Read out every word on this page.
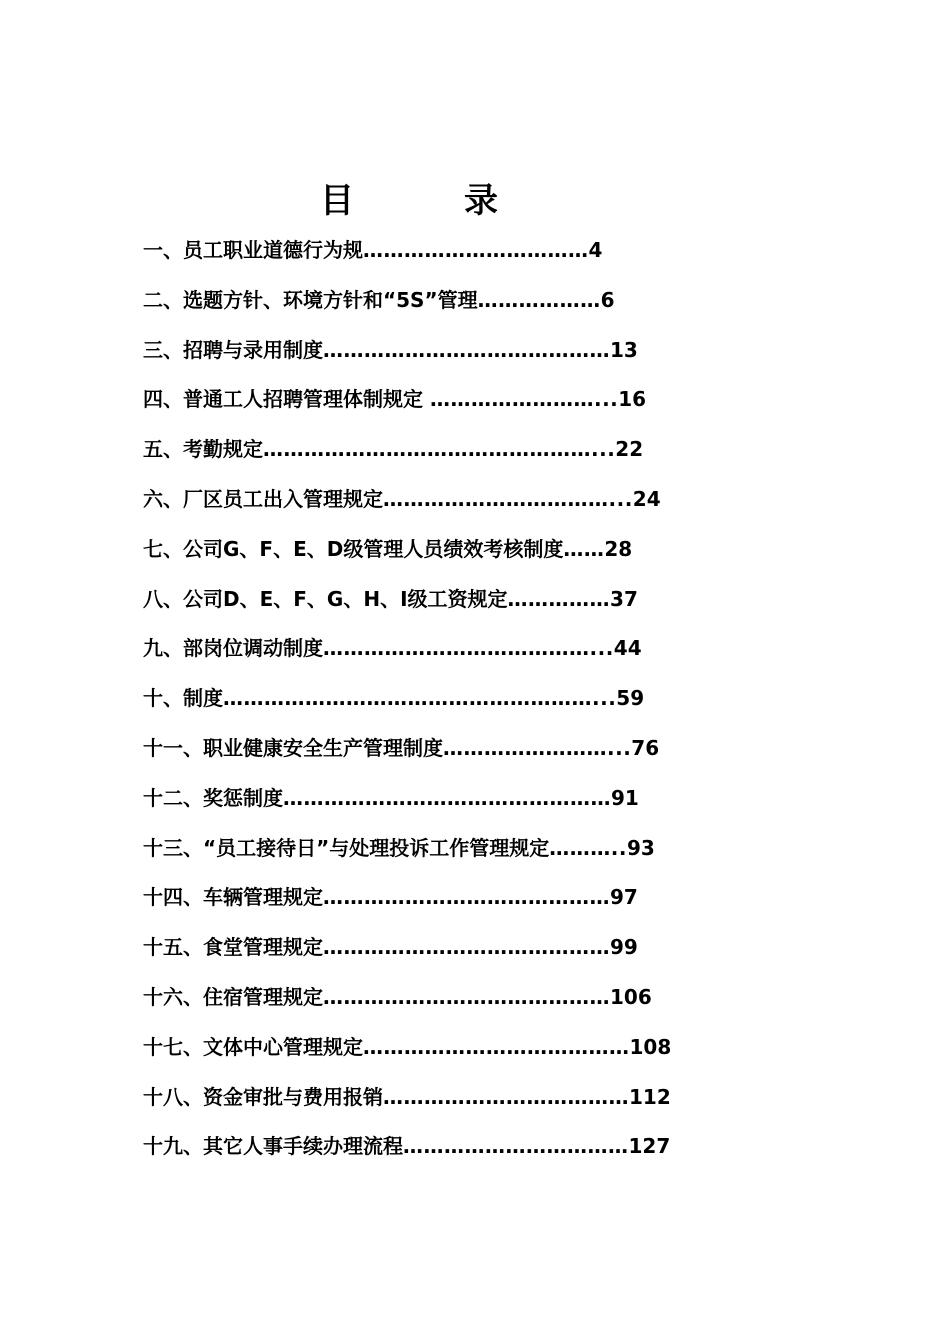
目　录
一、员工职业道德行为规……………………………4
二、选题方针、环境方针和“5S”管理………………6
三、招聘与录用制度……………………………………13
四、普通工人招聘管理体制规定 ……………………...16
五、考勤规定…………………………………………...22
六、厂区员工出入管理规定……………………………...24
七、公司G、F、E、D级管理人员绩效考核制度……28
八、公司D、E、F、G、H、I级工资规定……………37
九、部岗位调动制度…………………………………...44
十、制度………………………………………………...59
十一、职业健康安全生产管理制度……………………...76
十二、奖惩制度…………………………………………91
十三、“员工接待日”与处理投诉工作管理规定………..93
十四、车辆管理规定……………………………………97
十五、食堂管理规定……………………………………99
十六、住宿管理规定……………………………………106
十七、文体中心管理规定…………………………………108
十八、资金审批与费用报销………………………………112
十九、其它人事手续办理流程……………………………127
